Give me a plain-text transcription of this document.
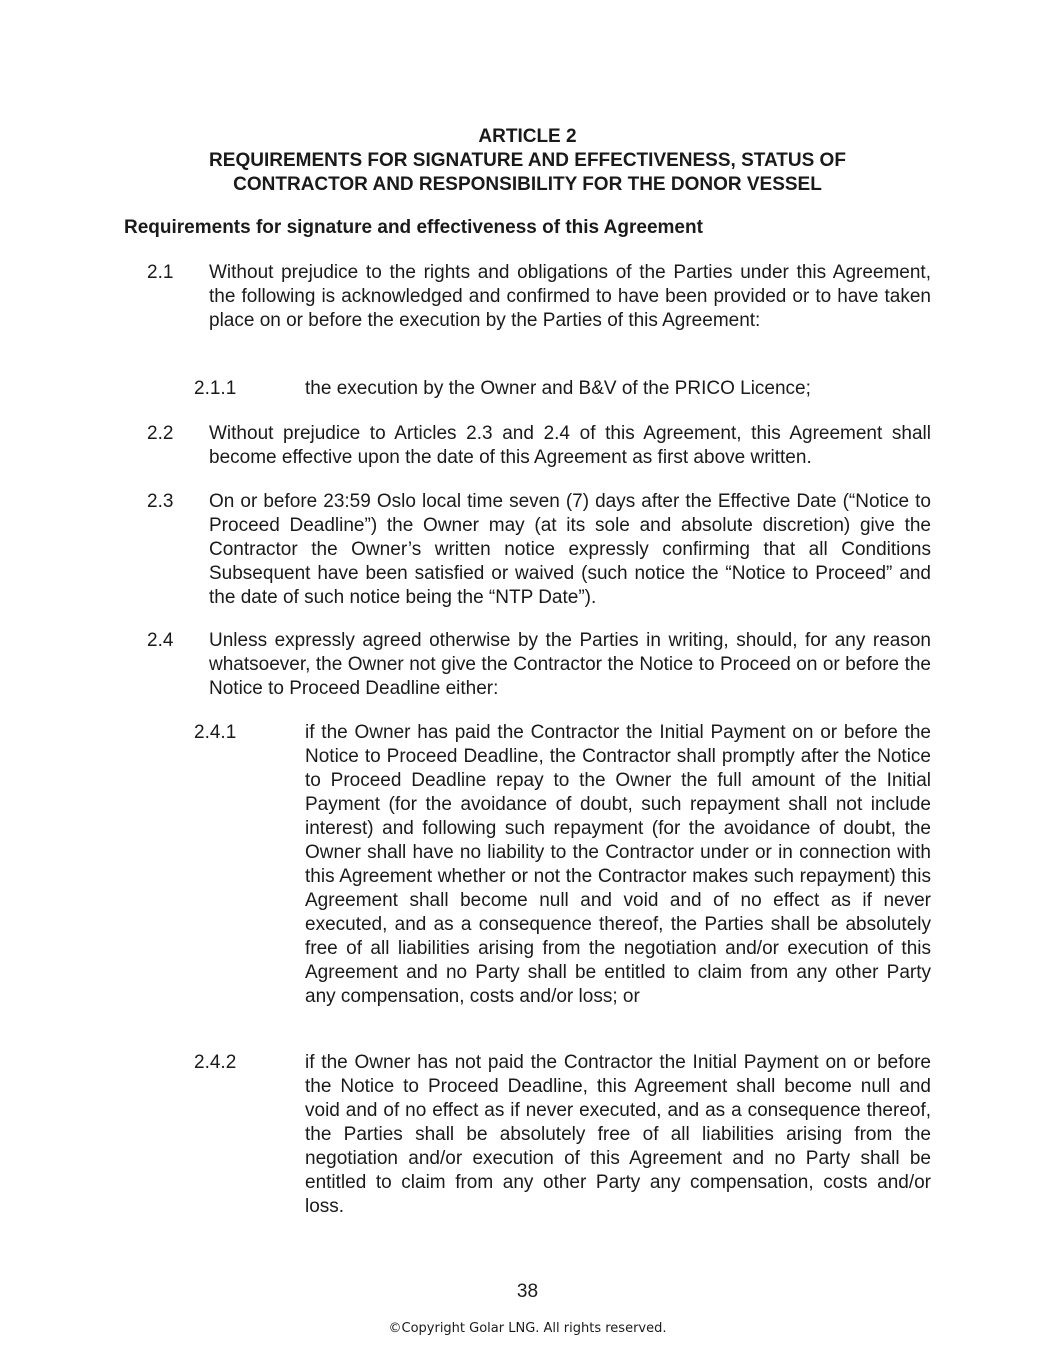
ARTICLE 2
REQUIREMENTS FOR SIGNATURE AND EFFECTIVENESS, STATUS OF
CONTRACTOR AND RESPONSIBILITY FOR THE DONOR VESSEL
Requirements for signature and effectiveness of this Agreement
2.1 Without prejudice to the rights and obligations of the Parties under this Agreement, the following is acknowledged and confirmed to have been provided or to have taken place on or before the execution by the Parties of this Agreement:
2.1.1	the execution by the Owner and B&V of the PRICO Licence;
2.2 Without prejudice to Articles 2.3 and 2.4 of this Agreement, this Agreement shall become effective upon the date of this Agreement as first above written.
2.3 On or before 23:59 Oslo local time seven (7) days after the Effective Date (“Notice to Proceed Deadline”) the Owner may (at its sole and absolute discretion) give the Contractor the Owner’s written notice expressly confirming that all Conditions Subsequent have been satisfied or waived (such notice the “Notice to Proceed” and the date of such notice being the “NTP Date”).
2.4 Unless expressly agreed otherwise by the Parties in writing, should, for any reason whatsoever, the Owner not give the Contractor the Notice to Proceed on or before the Notice to Proceed Deadline either:
2.4.1	if the Owner has paid the Contractor the Initial Payment on or before the Notice to Proceed Deadline, the Contractor shall promptly after the Notice to Proceed Deadline repay to the Owner the full amount of the Initial Payment (for the avoidance of doubt, such repayment shall not include interest) and following such repayment (for the avoidance of doubt, the Owner shall have no liability to the Contractor under or in connection with this Agreement whether or not the Contractor makes such repayment) this Agreement shall become null and void and of no effect as if never executed, and as a consequence thereof, the Parties shall be absolutely free of all liabilities arising from the negotiation and/or execution of this Agreement and no Party shall be entitled to claim from any other Party any compensation, costs and/or loss; or
2.4.2	if the Owner has not paid the Contractor the Initial Payment on or before the Notice to Proceed Deadline, this Agreement shall become null and void and of no effect as if never executed, and as a consequence thereof, the Parties shall be absolutely free of all liabilities arising from the negotiation and/or execution of this Agreement and no Party shall be entitled to claim from any other Party any compensation, costs and/or loss.
38
©Copyright Golar LNG. All rights reserved.
